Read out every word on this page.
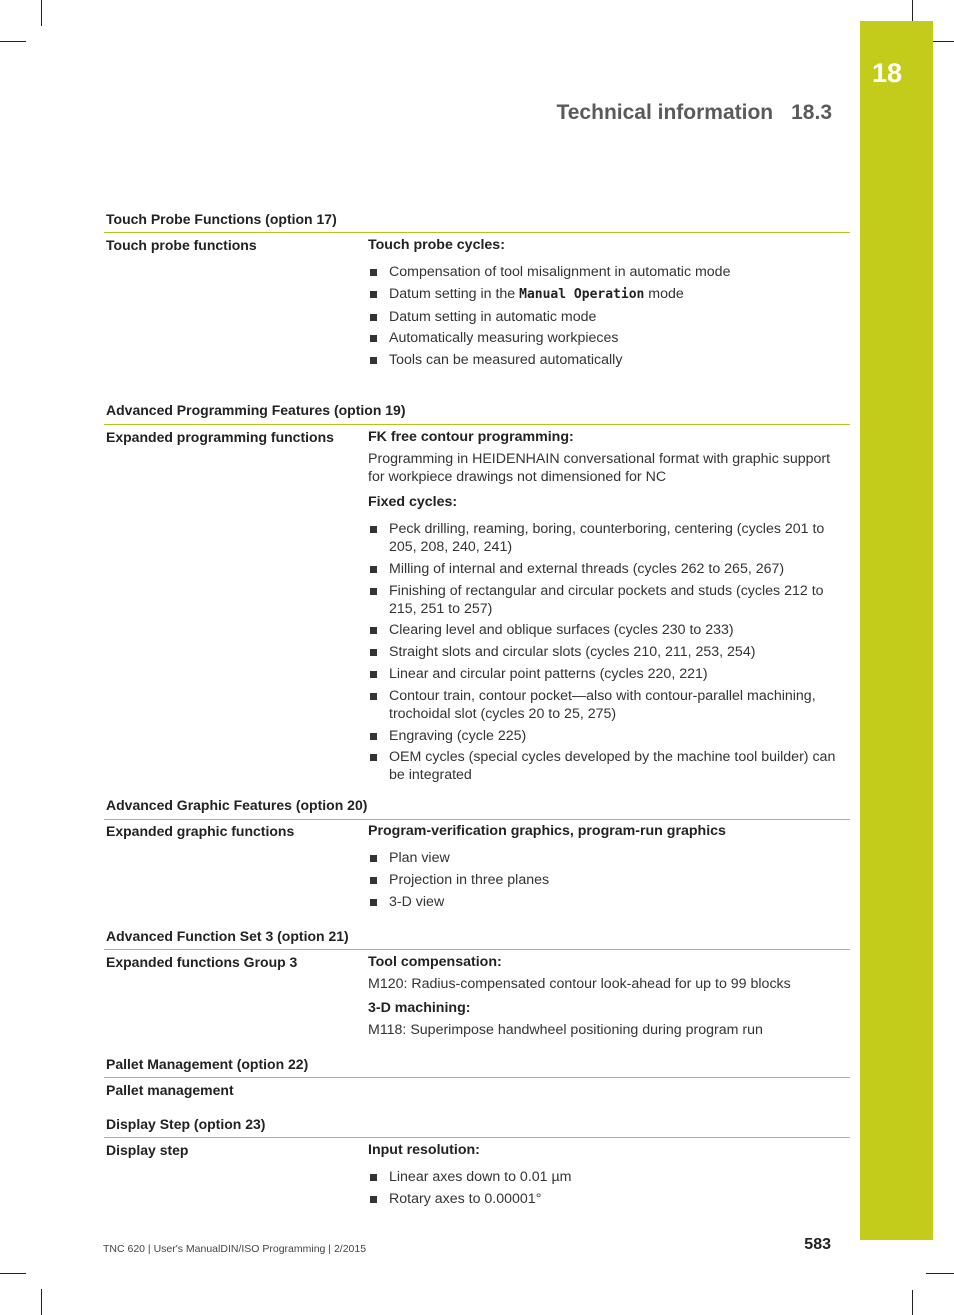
18
Technical information 18.3
Touch Probe Functions (option 17)
Touch probe functions	Touch probe cycles:
Compensation of tool misalignment in automatic mode
Datum setting in the Manual Operation mode
Datum setting in automatic mode
Automatically measuring workpieces
Tools can be measured automatically
Advanced Programming Features (option 19)
Expanded programming functions	FK free contour programming:
Programming in HEIDENHAIN conversational format with graphic support for workpiece drawings not dimensioned for NC
Fixed cycles:
Peck drilling, reaming, boring, counterboring, centering (cycles 201 to 205, 208, 240, 241)
Milling of internal and external threads (cycles 262 to 265, 267)
Finishing of rectangular and circular pockets and studs (cycles 212 to 215, 251 to 257)
Clearing level and oblique surfaces (cycles 230 to 233)
Straight slots and circular slots (cycles 210, 211, 253, 254)
Linear and circular point patterns (cycles 220, 221)
Contour train, contour pocket—also with contour-parallel machining, trochoidal slot (cycles 20 to 25, 275)
Engraving (cycle 225)
OEM cycles (special cycles developed by the machine tool builder) can be integrated
Advanced Graphic Features (option 20)
Expanded graphic functions	Program-verification graphics, program-run graphics
Plan view
Projection in three planes
3-D view
Advanced Function Set 3 (option 21)
Expanded functions Group 3	Tool compensation:
M120: Radius-compensated contour look-ahead for up to 99 blocks
3-D machining:
M118: Superimpose handwheel positioning during program run
Pallet Management (option 22)
Pallet management
Display Step (option 23)
Display step	Input resolution:
Linear axes down to 0.01 µm
Rotary axes to 0.00001°
TNC 620 | User's ManualDIN/ISO Programming | 2/2015	583
